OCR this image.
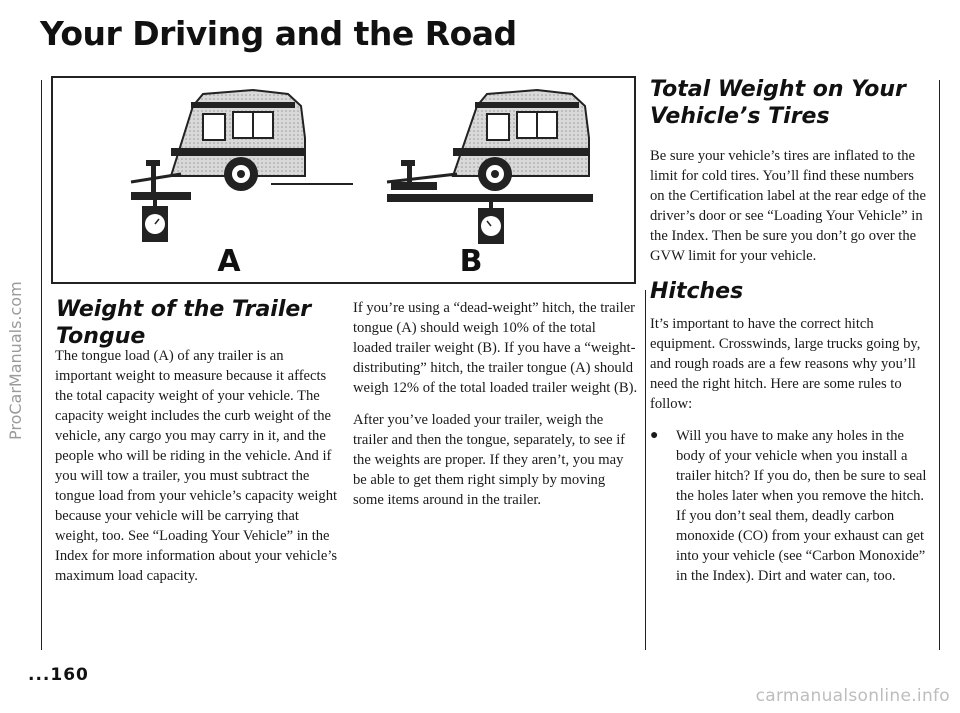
Your Driving and the Road
A	B
Weight of the Trailer
Tongue

The tongue load (A) of any trailer is an important weight to measure because it affects the total capacity weight of your vehicle. The capacity weight includes the curb weight of the vehicle, any cargo you may carry in it, and the people who will be riding in the vehicle. And if you will tow a trailer, you must subtract the tongue load from your vehicle’s capacity weight because your vehicle will be carrying that weight, too. See “Loading Your Vehicle” in the Index for more information about your vehicle’s maximum load capacity.

If you’re using a “dead-weight” hitch, the trailer tongue (A) should weigh 10% of the total loaded trailer weight (B). If you have a “weight-distributing” hitch, the trailer tongue (A) should weigh 12% of the total loaded trailer weight (B).

After you’ve loaded your trailer, weigh the trailer and then the tongue, separately, to see if the weights are proper. If they aren’t, you may be able to get them right simply by moving some items around in the trailer.

Total Weight on Your
Vehicle’s Tires

Be sure your vehicle’s tires are inflated to the limit for cold tires. You’ll find these numbers on the Certification label at the rear edge of the driver’s door or see “Loading Your Vehicle” in the Index. Then be sure you don’t go over the GVW limit for your vehicle.

Hitches

It’s important to have the correct hitch equipment. Crosswinds, large trucks going by, and rough roads are a few reasons why you’ll need the right hitch. Here are some rules to follow:

●	Will you have to make any holes in the body of your vehicle when you install a trailer hitch? If you do, then be sure to seal the holes later when you remove the hitch. If you don’t seal them, deadly carbon monoxide (CO) from your exhaust can get into your vehicle (see “Carbon Monoxide” in the Index). Dirt and water can, too.

...160

ProCarManuals.com

carmanualsonline.info
